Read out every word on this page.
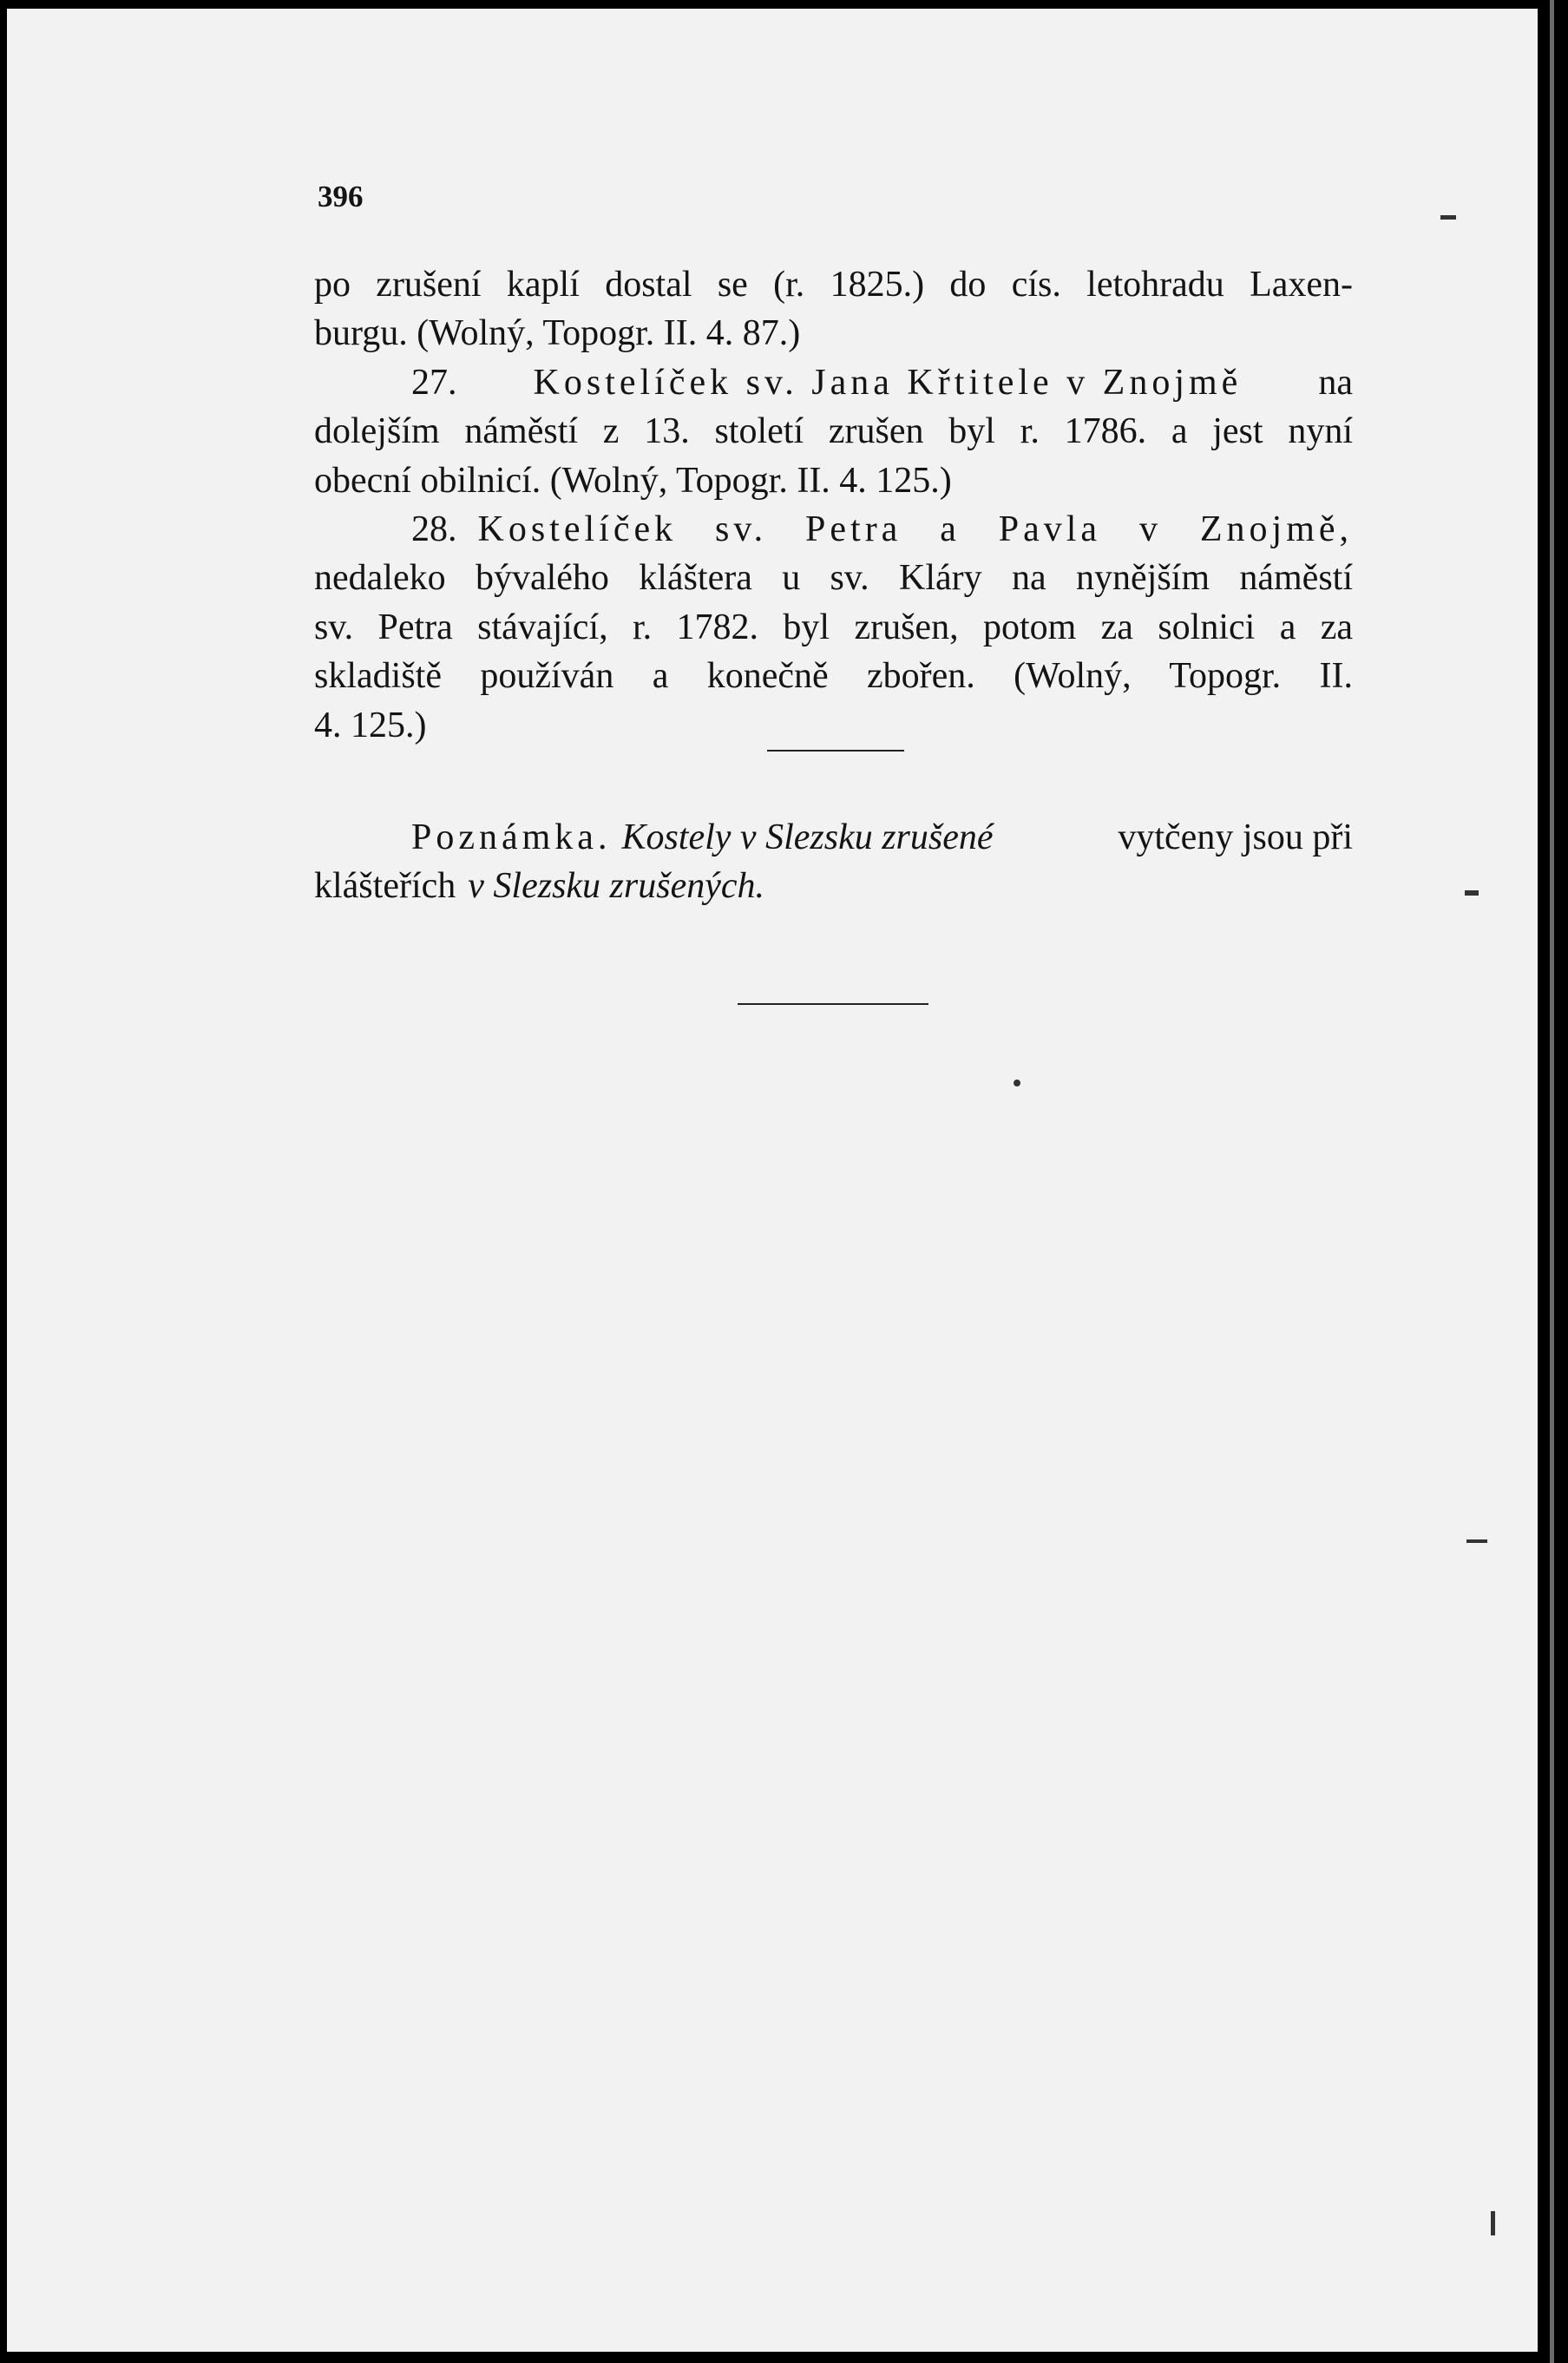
396
po zrušení kaplí dostal se (r. 1825.) do cís. letohradu Laxen-
burgu. (Wolný, Topogr. II. 4. 87.)
27. Kostelíček sv. Jana Křtitele v Znojmě na
dolejším náměstí z 13. století zrušen byl r. 1786. a jest nyní
obecní obilnicí. (Wolný, Topogr. II. 4. 125.)
28. Kostelíček sv. Petra a Pavla v Znojmě,
nedaleko bývalého kláštera u sv. Kláry na nynějším náměstí
sv. Petra stávající, r. 1782. byl zrušen, potom za solnici a za
skladiště používán a konečně zbořen. (Wolný, Topogr. II.
4. 125.)
Poznámka. Kostely v Slezsku zrušené	vytčeny jsou při
klášteřích v Slezsku zrušených.
